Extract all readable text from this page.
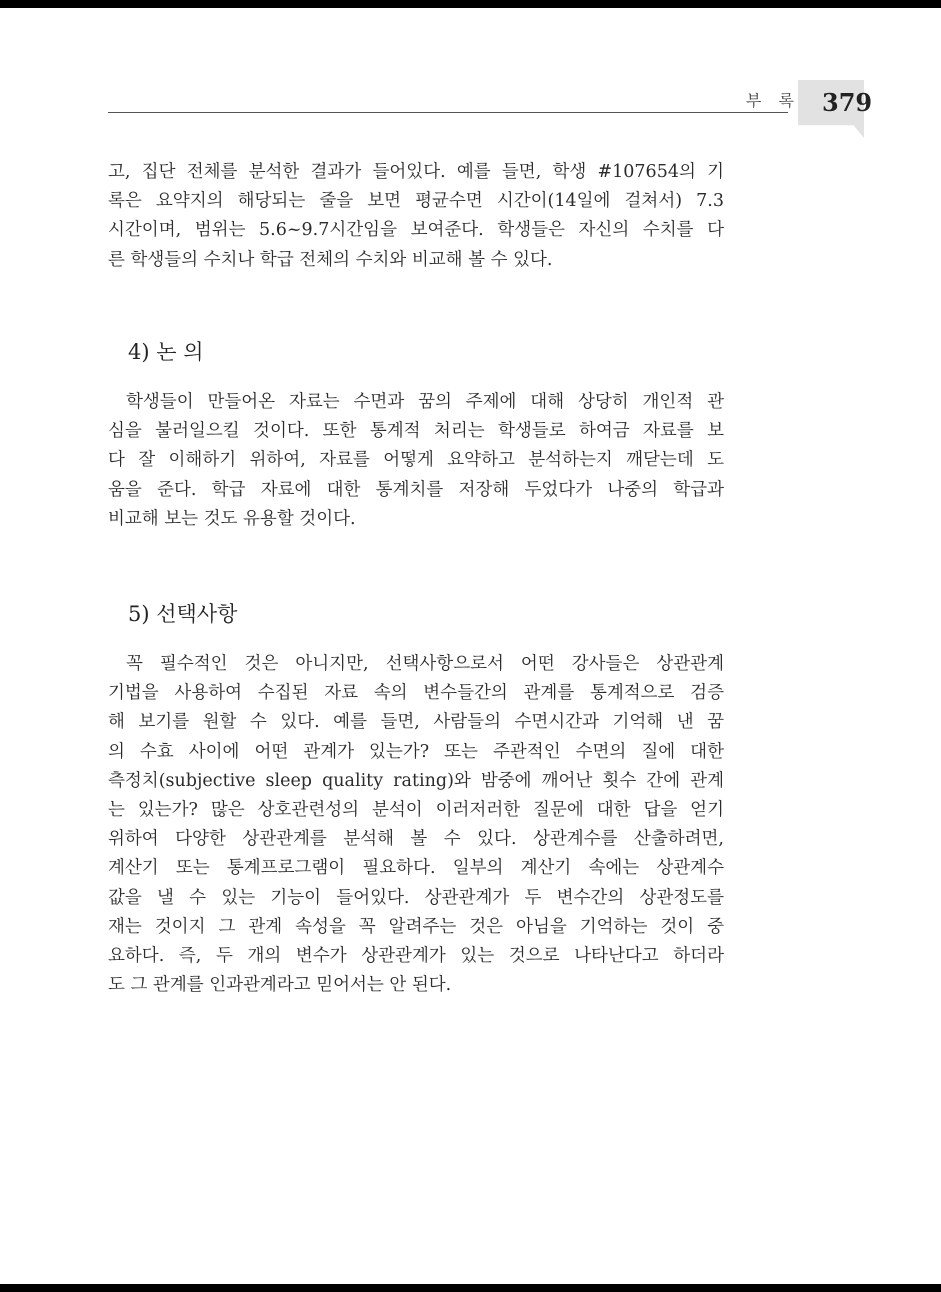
부 록 379
고, 집단 전체를 분석한 결과가 들어있다. 예를 들면, 학생 #107654의 기
록은 요약지의 해당되는 줄을 보면 평균수면 시간이(14일에 걸쳐서) 7.3
시간이며, 범위는 5.6~9.7시간임을 보여준다. 학생들은 자신의 수치를 다
른 학생들의 수치나 학급 전체의 수치와 비교해 볼 수 있다.
4) 논 의
학생들이 만들어온 자료는 수면과 꿈의 주제에 대해 상당히 개인적 관
심을 불러일으킬 것이다. 또한 통계적 처리는 학생들로 하여금 자료를 보
다 잘 이해하기 위하여, 자료를 어떻게 요약하고 분석하는지 깨닫는데 도
움을 준다. 학급 자료에 대한 통계치를 저장해 두었다가 나중의 학급과
비교해 보는 것도 유용할 것이다.
5) 선택사항
꼭 필수적인 것은 아니지만, 선택사항으로서 어떤 강사들은 상관관계
기법을 사용하여 수집된 자료 속의 변수들간의 관계를 통계적으로 검증
해 보기를 원할 수 있다. 예를 들면, 사람들의 수면시간과 기억해 낸 꿈
의 수효 사이에 어떤 관계가 있는가? 또는 주관적인 수면의 질에 대한
측정치(subjective sleep quality rating)와 밤중에 깨어난 횟수 간에 관계
는 있는가? 많은 상호관련성의 분석이 이러저러한 질문에 대한 답을 얻기
위하여 다양한 상관관계를 분석해 볼 수 있다. 상관계수를 산출하려면,
계산기 또는 통계프로그램이 필요하다. 일부의 계산기 속에는 상관계수
값을 낼 수 있는 기능이 들어있다. 상관관계가 두 변수간의 상관정도를
재는 것이지 그 관계 속성을 꼭 알려주는 것은 아님을 기억하는 것이 중
요하다. 즉, 두 개의 변수가 상관관계가 있는 것으로 나타난다고 하더라
도 그 관계를 인과관계라고 믿어서는 안 된다.
